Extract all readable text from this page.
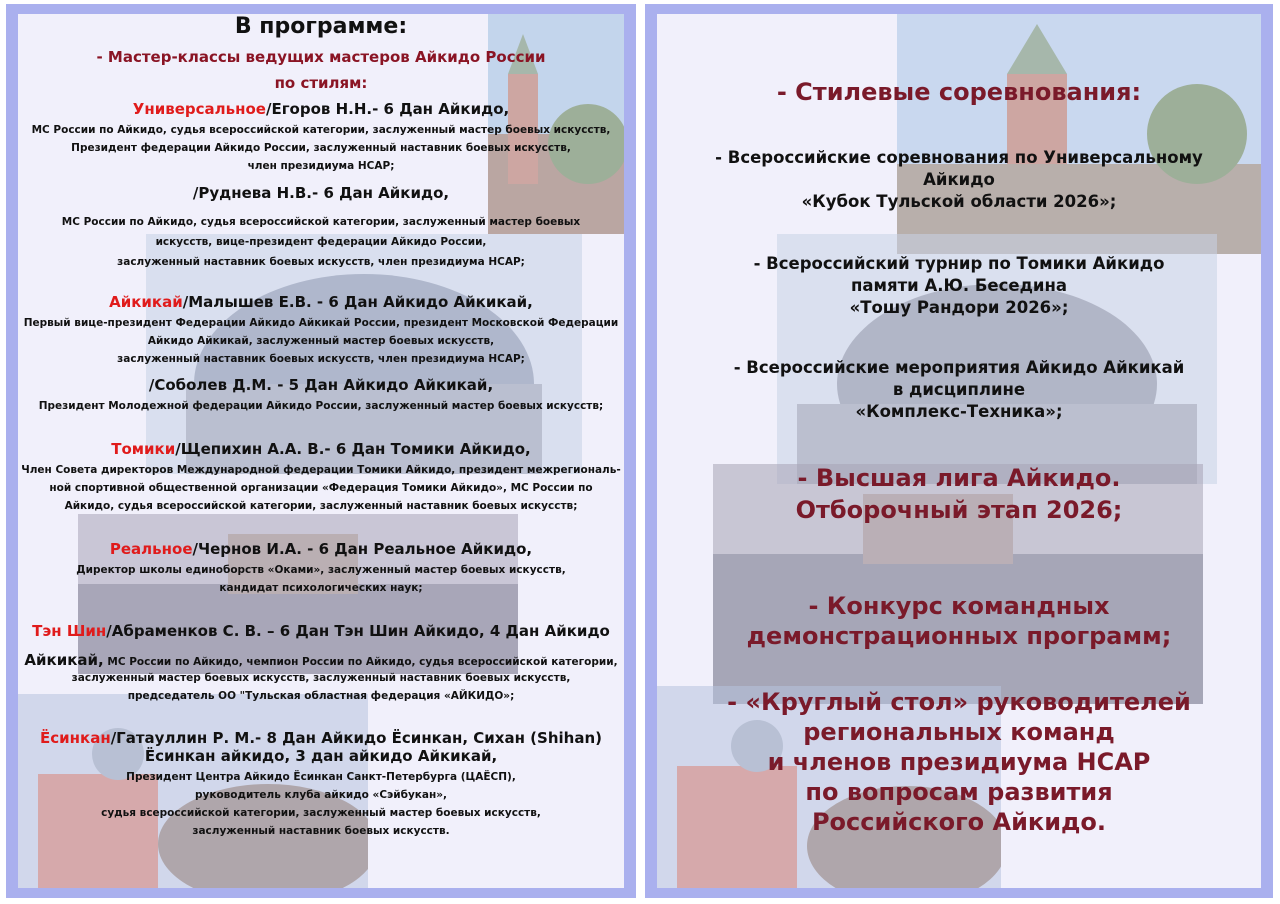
В программе:
- Мастер-классы ведущих мастеров Айкидо России
по стилям:
Универсальное/Егоров Н.Н.- 6 Дан Айкидо,
МС России по Айкидо, судья всероссийской категории, заслуженный мастер боевых искусств,
Президент федерации Айкидо России, заслуженный наставник боевых искусств,
член президиума НСАР;
/Руднева Н.В.- 6 Дан Айкидо,
МС России по Айкидо, судья всероссийской категории, заслуженный мастер боевых
искусств, вице-президент федерации Айкидо России,
заслуженный наставник боевых искусств, член президиума НСАР;
Айкикай/Малышев Е.В. - 6 Дан Айкидо Айкикай,
Первый вице-президент Федерации Айкидо Айкикай России, президент Московской Федерации
Айкидо Айкикай, заслуженный мастер боевых искусств,
заслуженный наставник боевых искусств, член президиума НСАР;
/Соболев Д.М. - 5 Дан Айкидо Айкикай,
Президент Молодежной федерации Айкидо России, заслуженный мастер боевых искусств;
Томики/Щепихин А.А. В.- 6 Дан Томики Айкидо,
Член Совета директоров Международной федерации Томики Айкидо, президент межрегиональ-
ной спортивной общественной организации «Федерация Томики Айкидо», МС России по
Айкидо, судья всероссийской категории, заслуженный наставник боевых искусств;
Реальное/Чернов И.А. - 6 Дан Реальное Айкидо,
Директор школы единоборств «Оками», заслуженный мастер боевых искусств,
кандидат психологических наук;
Тэн Шин/Абраменков С. В. – 6 Дан Тэн Шин Айкидо, 4 Дан Айкидо
Айкикай, МС России по Айкидо, чемпион России по Айкидо, судья всероссийской категории,
заслуженный мастер боевых искусств, заслуженный наставник боевых искусств,
председатель ОО "Тульская областная федерация «АЙКИДО»;
Ёсинкан/Гатауллин Р. М.- 8 Дан Айкидо Ёсинкан, Сихан (Shihan)
Ёсинкан айкидо, 3 дан айкидо Айкикай,
Президент Центра Айкидо Ёсинкан Санкт-Петербурга (ЦАЁСП),
руководитель клуба айкидо «Сэйбукан»,
судья всероссийской категории, заслуженный мастер боевых искусств,
заслуженный наставник боевых искусств.
- Стилевые соревнования:
- Всероссийские соревнования по Универсальному
Айкидо
«Кубок Тульской области 2026»;
- Всероссийский турнир по Томики Айкидо
памяти А.Ю. Беседина
«Тошу Рандори 2026»;
- Всероссийские мероприятия Айкидо Айкикай
в дисциплине
«Комплекс-Техника»;
- Высшая лига Айкидо.
Отборочный этап 2026;
- Конкурс командных
демонстрационных программ;
- «Круглый стол» руководителей
региональных команд
и членов президиума НСАР
по вопросам развития
Российского Айкидо.
